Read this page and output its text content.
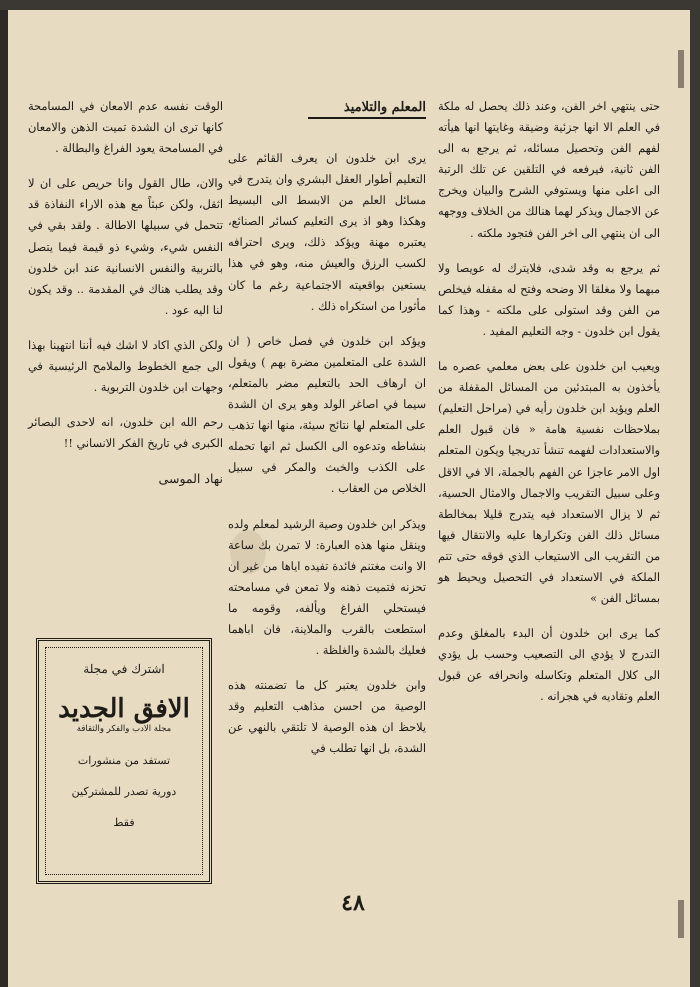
المعلم والتلاميذ حتى ينتهي اخر الفن، وعند ذلك يحصل له ملكة في العلم الا انها جزئية وضيقة وغايتها انها هيأته لفهم الفن وتحصيل مسائله، ثم يرجع به الى الفن ثانية، فيرفعه في التلقين عن تلك الرتبة الى اعلى منها ويستوفي الشرح والبيان ويخرج عن الاجمال ويذكر لهما هنالك من الخلاف ووجهه الى ان ينتهي الى اخر الفن فتجود ملكته .

ثم يرجع به وقد شدى، فلايترك له عويصا ولا مبهما ولا مغلقا الا وضحه وفتح له مقفله فيخلص من الفن وقد استولى على ملكته - وهذا كما يقول ابن خلدون - وجه التعليم المفيد .

ويعيب ابن خلدون على بعض معلمي عصره ما يأخذون به المبتدئين من المسائل المقفلة من العلم ويؤيد ابن خلدون رأيه في (مراحل التعليم) بملاحظات نفسية هامة « فان قبول العلم والاستعدادات لفهمه تنشأ تدريجيا ويكون المتعلم اول الامر عاجزا عن الفهم بالجملة، الا في الاقل وعلى سبيل التقريب والاجمال والامثال الحسية، ثم لا يزال الاستعداد فيه يتدرج قليلا بمخالطة مسائل ذلك الفن وتكرارها عليه والانتقال فيها من التقريب الى الاستيعاب الذي فوقه حتى تتم الملكة في الاستعداد في التحصيل ويحيط هو بمسائل الفن »

كما يرى ابن خلدون أن البدء بالمغلق وعدم التدرج لا يؤدي الى التصعيب وحسب بل يؤدي الى كلال المتعلم وتكاسله وانحرافه عن قبول العلم وتقاديه في هجرانه .

يرى ابن خلدون ان يعرف القائم على التعليم أطوار العقل البشري وان يتدرج في مسائل العلم من الابسط الى البسيط وهكذا وهو اذ يرى التعليم كسائر الصنائع، يعتبره مهنة ويؤكد ذلك، ويرى احترافه لكسب الرزق والعيش منه، وهو في هذا يستعين بواقعيته الاجتماعية رغم ما كان مأثورا من استكراه ذلك .

ويؤكد ابن خلدون في فصل خاص ( ان الشدة على المتعلمين مضرة بهم ) ويقول ان ارهاف الحد بالتعليم مضر بالمتعلم، سيما في اصاغر الولد وهو يرى ان الشدة على المتعلم لها نتائج سيئة، منها انها تذهب بنشاطه وتدعوه الى الكسل ثم انها تحمله على الكذب والخبث والمكر في سبيل الخلاص من العقاب .

ويذكر ابن خلدون وصية الرشيد لمعلم ولده وينقل منها هذه العبارة: لا تمرن بك ساعة الا وانت مغتنم فائدة تفيده اياها من غير ان تحزنه فتميت ذهنه ولا تمعن في مسامحته فيستحلي الفراغ ويألفه، وقومه ما استطعت بالقرب والملاينة، فان اباهما فعليك بالشدة والغلظة .

وابن خلدون يعتبر كل ما تضمنته هذه الوصية من احسن مذاهب التعليم وقد يلاحظ ان هذه الوصية لا تلتقي بالنهي عن الشدة، بل انها تطلب في

الوقت نفسه عدم الامعان في المسامحة كانها ترى ان الشدة تميت الذهن والامعان في المسامحة يعود الفراغ والبطالة .

والان، طال القول وانا حريص على ان لا اثقل، ولكن عبثاً مع هذه الاراء النفاذة قد تتحمل في سبيلها الاطالة . ولقد بقي في النفس شيء، وشيء ذو قيمة فيما يتصل بالتربية والنفس الانسانية عند ابن خلدون وقد يطلب هناك في المقدمة .. وقد يكون لنا اليه عود .

ولكن الذي اكاد لا اشك فيه أننا انتهينا بهذا الى جمع الخطوط والملامح الرئيسية في وجهات ابن خلدون التربوية .

رحم الله ابن خلدون، انه لاحدى البصائر الكبرى في تاريخ الفكر الانساني !!

نهاد الموسى
اشترك في مجلة
الافق الجديد
مجلة الادب والفكر والثقافة
تستفد من منشورات
دورية تصدر للمشتركين
فقط
٤٨
